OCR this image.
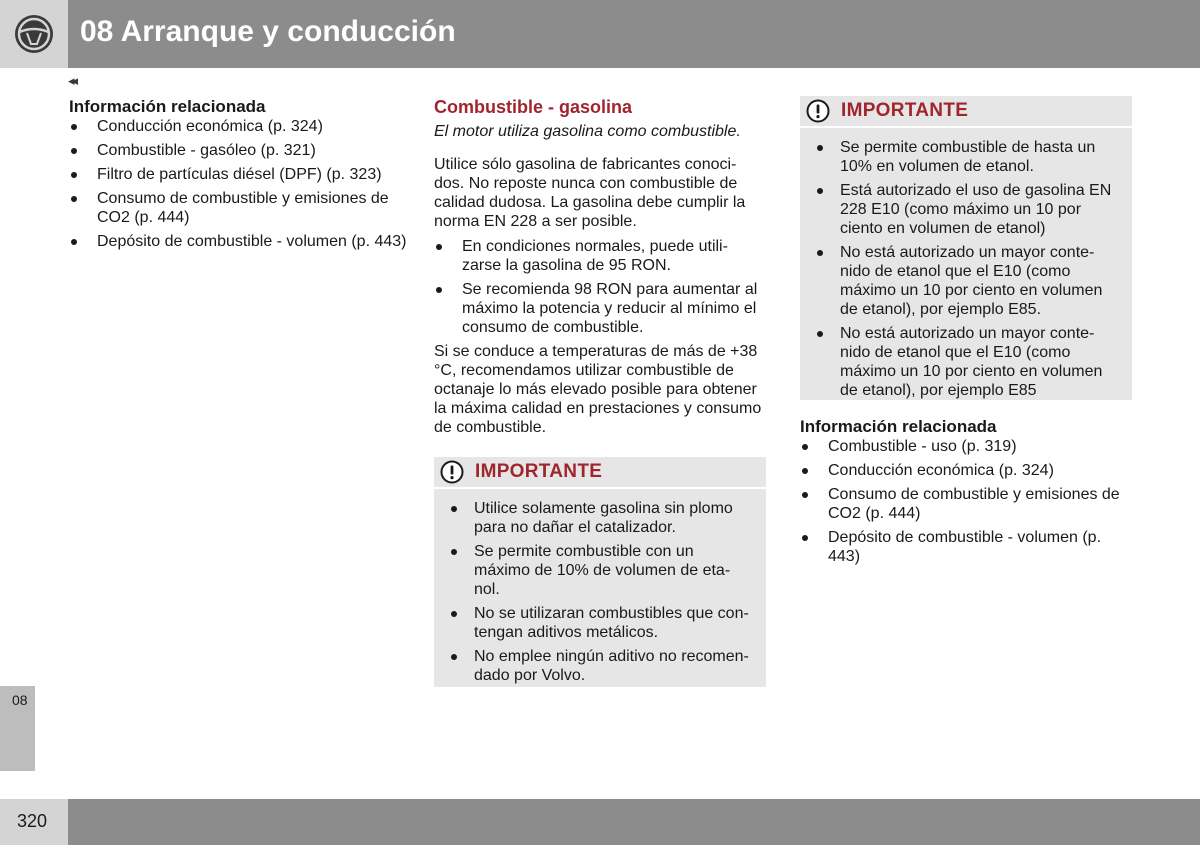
08 Arranque y conducción
◂◂

Información relacionada

Conducción económica (p. 324)
Combustible - gasóleo (p. 321)
Filtro de partículas diésel (DPF) (p. 323)
Consumo de combustible y emisiones de CO2 (p. 444)
Depósito de combustible - volumen (p. 443)

Combustible - gasolina

El motor utiliza gasolina como combustible.

Utilice sólo gasolina de fabricantes conoci-dos. No reposte nunca con combustible de calidad dudosa. La gasolina debe cumplir la norma EN 228 a ser posible.

En condiciones normales, puede utili-zarse la gasolina de 95 RON.
Se recomienda 98 RON para aumentar al máximo la potencia y reducir al mínimo el consumo de combustible.

Si se conduce a temperaturas de más de +38 °C, recomendamos utilizar combustible de octanaje lo más elevado posible para obtener la máxima calidad en prestaciones y consumo de combustible.

IMPORTANTE
Utilice solamente gasolina sin plomo para no dañar el catalizador.
Se permite combustible con un máximo de 10% de volumen de eta-nol.
No se utilizaran combustibles que con-tengan aditivos metálicos.
No emplee ningún aditivo no recomen-dado por Volvo.
IMPORTANTE
Se permite combustible de hasta un 10% en volumen de etanol.
Está autorizado el uso de gasolina EN 228 E10 (como máximo un 10 por ciento en volumen de etanol)
No está autorizado un mayor conte-nido de etanol que el E10 (como máximo un 10 por ciento en volumen de etanol), por ejemplo E85.
No está autorizado un mayor conte-nido de etanol que el E10 (como máximo un 10 por ciento en volumen de etanol), por ejemplo E85

Información relacionada

Combustible - uso (p. 319)
Conducción económica (p. 324)
Consumo de combustible y emisiones de CO2 (p. 444)
Depósito de combustible - volumen (p. 443)
08
320
